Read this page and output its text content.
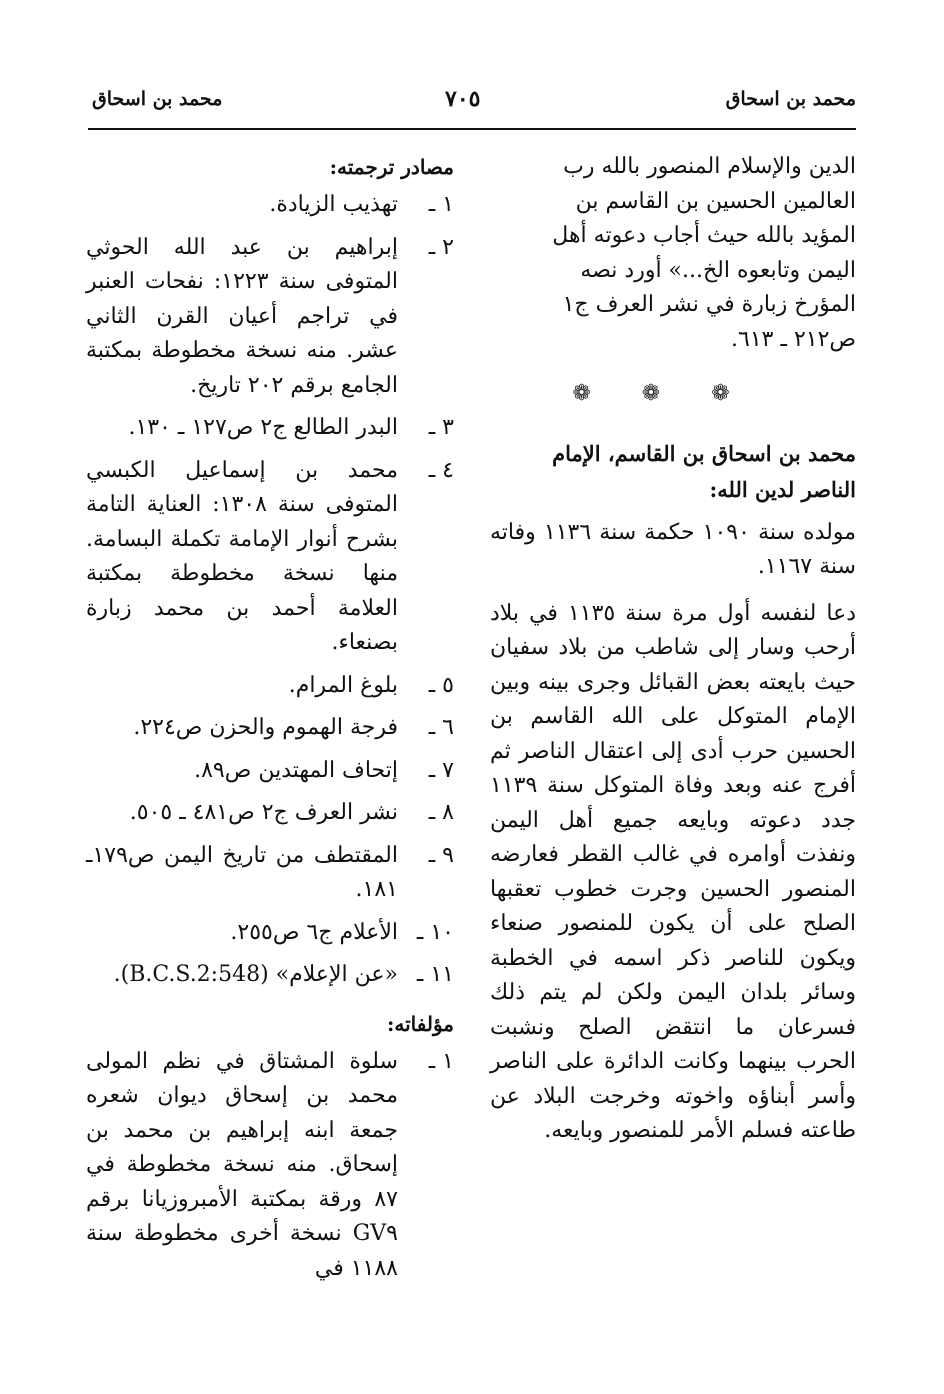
محمد بن اسحاق
٧٠٥
محمد بن اسحاق

الدين والإسلام المنصور بالله رب

العالمين الحسين بن القاسم بن

المؤيد بالله حيث أجاب دعوته أهل

اليمن وتابعوه الخ...» أورد نصه

المؤرخ زبارة في نشر العرف ج١

ص٢١٢ ـ ٦١٣.

❁ ❁ ❁
محمد بن اسحاق بن القاسم، الإمام
الناصر لدين الله:

مولده سنة ١٠٩٠ حكمة سنة ١١٣٦ وفاته سنة ١١٦٧.

دعا لنفسه أول مرة سنة ١١٣٥ في بلاد أرحب وسار إلى شاطب من بلاد سفيان حيث بايعته بعض القبائل وجرى بينه وبين الإمام المتوكل على الله القاسم بن الحسين حرب أدى إلى اعتقال الناصر ثم أفرج عنه وبعد وفاة المتوكل سنة ١١٣٩ جدد دعوته وبايعه جميع أهل اليمن ونفذت أوامره في غالب القطر فعارضه المنصور الحسين وجرت خطوب تعقبها الصلح على أن يكون للمنصور صنعاء ويكون للناصر ذكر اسمه في الخطبة وسائر بلدان اليمن ولكن لم يتم ذلك فسرعان ما انتقض الصلح ونشبت الحرب بينهما وكانت الدائرة على الناصر وأسر أبناؤه واخوته وخرجت البلاد عن طاعته فسلم الأمر للمنصور وبايعه.

مصادر ترجمته:
١ ـ
تهذيب الزيادة.
٢ ـ
إبراهيم بن عبد الله الحوثي المتوفى سنة ١٢٢٣: نفحات العنبر في تراجم أعيان القرن الثاني عشر. منه نسخة مخطوطة بمكتبة الجامع برقم ٢٠٢ تاريخ.
٣ ـ
البدر الطالع ج٢ ص١٢٧ ـ ١٣٠.
٤ ـ
محمد بن إسماعيل الكبسي المتوفى سنة ١٣٠٨: العناية التامة بشرح أنوار الإمامة تكملة البسامة. منها نسخة مخطوطة بمكتبة العلامة أحمد بن محمد زبارة بصنعاء.
٥ ـ
بلوغ المرام.
٦ ـ
فرجة الهموم والحزن ص٢٢٤.
٧ ـ
إتحاف المهتدين ص٨٩.
٨ ـ
نشر العرف ج٢ ص٤٨١ ـ ٥٠٥.
٩ ـ
المقتطف من تاريخ اليمن ص١٧٩ـ ١٨١.
١٠ ـ
الأعلام ج٦ ص٢٥٥.
١١ ـ
«عن الإعلام» (B.C.S.2:548).
مؤلفاته:
١ ـ
سلوة المشتاق في نظم المولى محمد بن إسحاق ديوان شعره جمعة ابنه إبراهيم بن محمد بن إسحاق. منه نسخة مخطوطة في ٨٧ ورقة بمكتبة الأمبروزيانا برقم GV٩ نسخة أخرى مخطوطة سنة ١١٨٨ في
